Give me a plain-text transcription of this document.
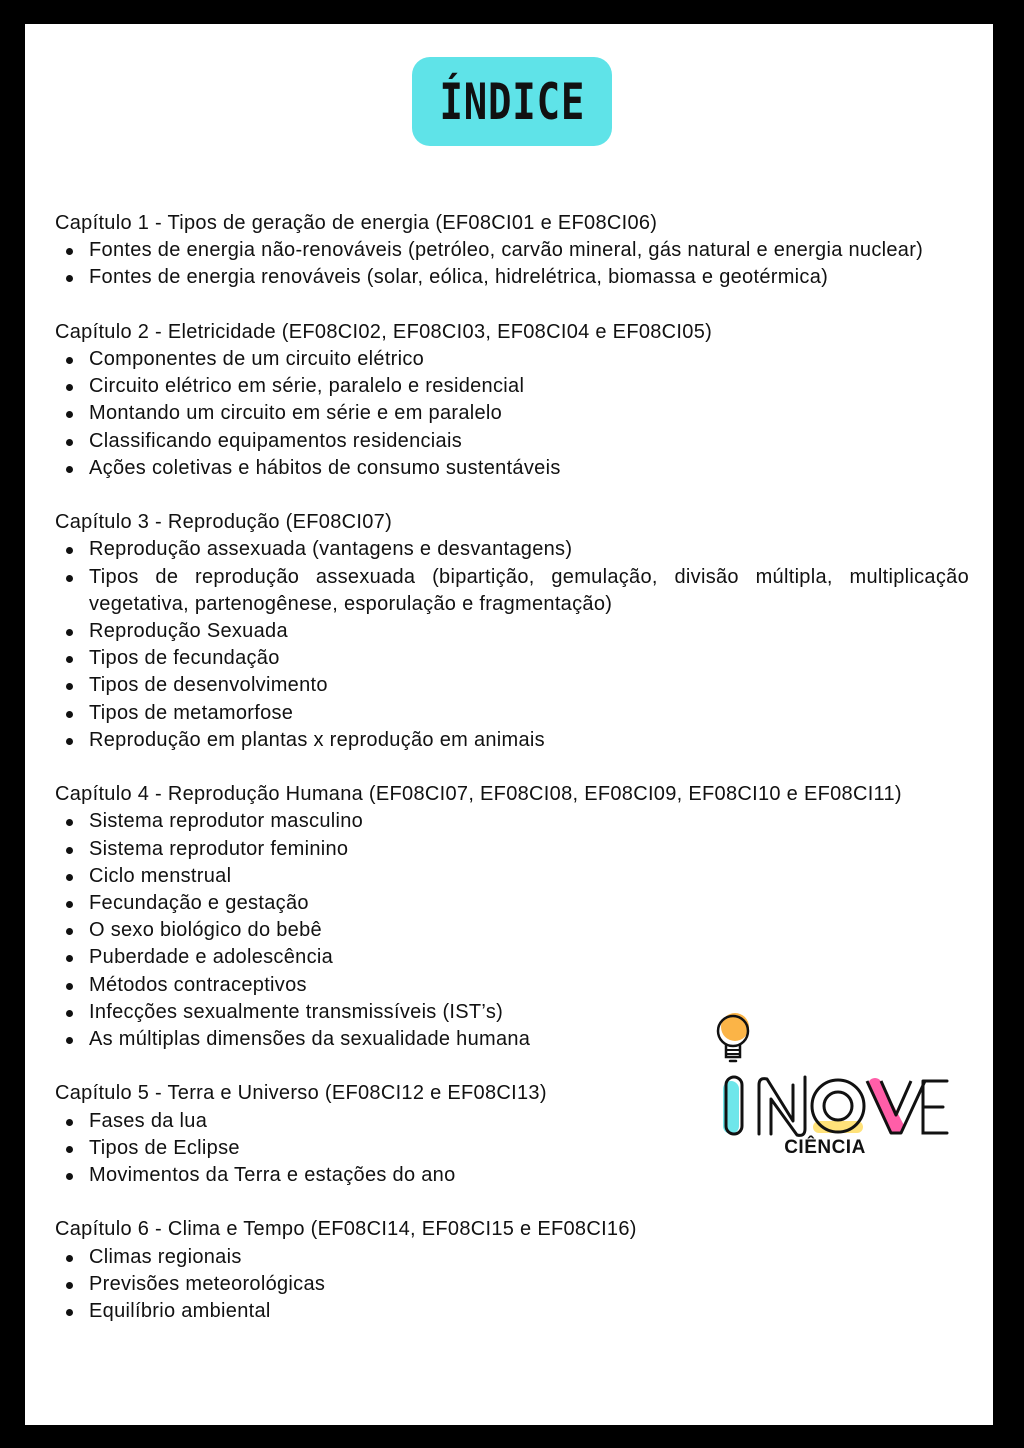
ÍNDICE
Capítulo 1 - Tipos de geração de energia (EF08CI01 e EF08CI06)
Fontes de energia não-renováveis (petróleo, carvão mineral, gás natural e energia nuclear)
Fontes de energia renováveis (solar, eólica, hidrelétrica, biomassa e geotérmica)
Capítulo 2 - Eletricidade (EF08CI02, EF08CI03, EF08CI04 e EF08CI05)
Componentes de um circuito elétrico
Circuito elétrico em série, paralelo e residencial
Montando um circuito em série e em paralelo
Classificando equipamentos residenciais
Ações coletivas e hábitos de consumo sustentáveis
Capítulo 3 - Reprodução (EF08CI07)
Reprodução assexuada (vantagens e desvantagens)
Tipos de reprodução assexuada (bipartição, gemulação, divisão múltipla, multiplicação vegetativa, partenogênese, esporulação e fragmentação)
Reprodução Sexuada
Tipos de fecundação
Tipos de desenvolvimento
Tipos de metamorfose
Reprodução em plantas x reprodução em animais
Capítulo 4 - Reprodução Humana (EF08CI07, EF08CI08, EF08CI09, EF08CI10 e EF08CI11)
Sistema reprodutor masculino
Sistema reprodutor feminino
Ciclo menstrual
Fecundação e gestação
O sexo biológico do bebê
Puberdade e adolescência
Métodos contraceptivos
Infecções sexualmente transmissíveis (IST’s)
As múltiplas dimensões da sexualidade humana
Capítulo 5 - Terra e Universo (EF08CI12 e EF08CI13)
Fases da lua
Tipos de Eclipse
Movimentos da Terra e estações do ano
Capítulo 6 - Clima e Tempo (EF08CI14, EF08CI15 e EF08CI16)
Climas regionais
Previsões meteorológicas
Equilíbrio ambiental
CIÊNCIA
